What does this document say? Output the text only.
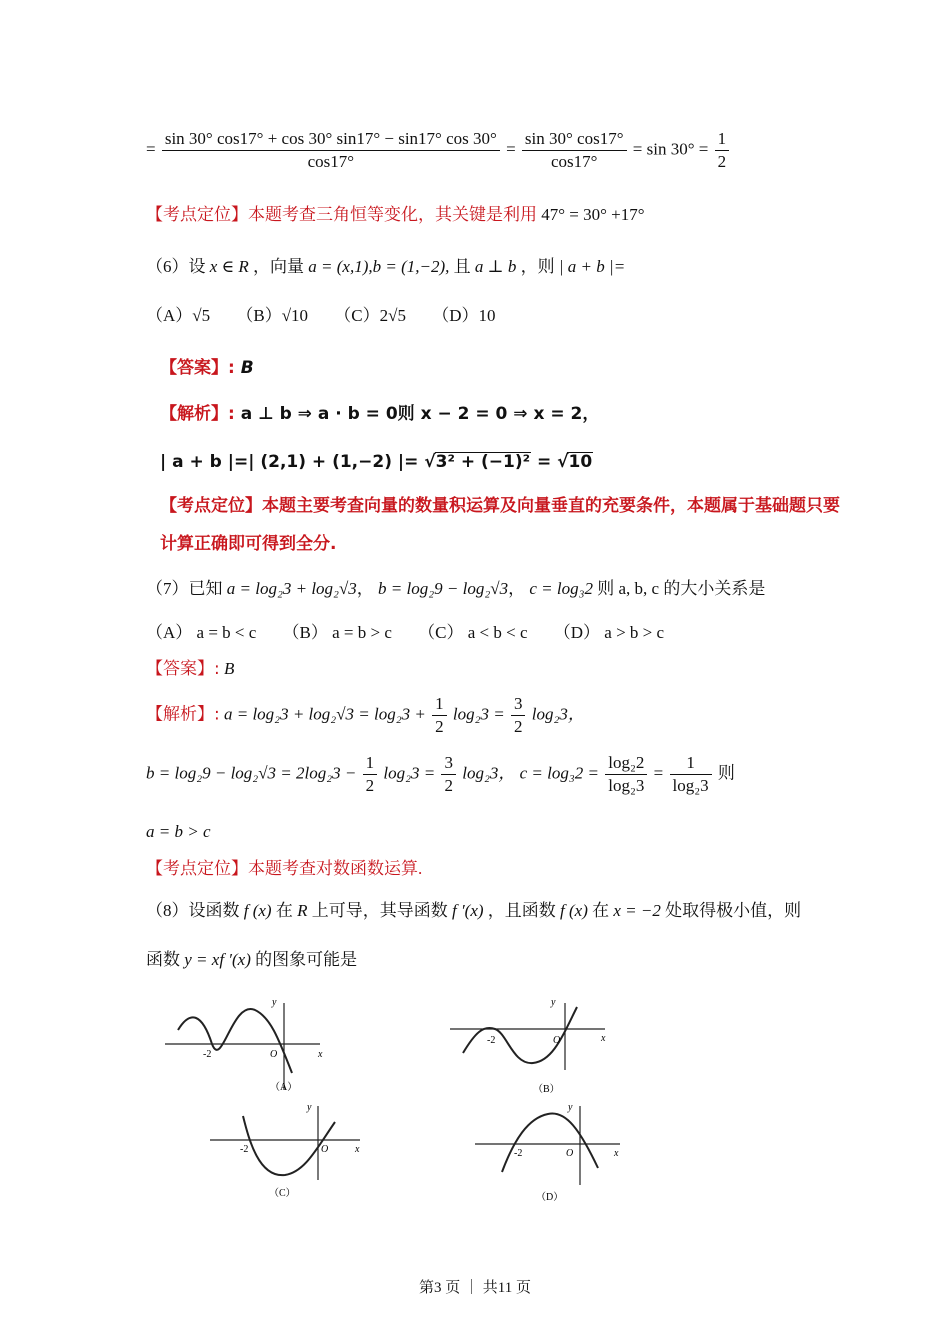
= $\frac{\sin 30^\circ \cos 17^\circ + \cos 30^\circ \sin 17^\circ - \sin 17^\circ \cos 30^\circ}{\cos 17^\circ} = \frac{\sin 30^\circ \cos 17^\circ}{\cos 17^\circ} = \sin 30^\circ = \frac{1}{2}$
【考点定位】本题考查三角恒等变化，其关键是利用 47° = 30° +17°
（6）设 x ∈ R ，向量 a = (x,1),b = (1,−2), 且 a ⊥ b ，则 | a + b |=
（A）√5 （B）√10 （C）2√5 （D）10
【答案】: B
【解析】: a ⊥ b ⇒ a · b = 0则 x − 2 = 0 ⇒ x = 2，
| a + b |=| (2,1) + (1,−2) |= √3² + (−1)² = √10
【考点定位】本题主要考查向量的数量积运算及向量垂直的充要条件，本题属于基础题只要
计算正确即可得到全分.
（7）已知 a = log₂3 + log₂√3， b = log₂9 − log₂√3， c = log₃2 则 a, b, c 的大小关系是
（A） a = b < c （B） a = b > c （C） a < b < c （D） a > b > c
【答案】: B
【解析】: $a = \log_23 + \log_2√3 = \log_23 + \frac{1}{2} \log_23 = \frac{3}{2} \log_23$，
$b = \log_29 - \log_2√3 = 2\log_23 - \frac{1}{2} \log_23 = \frac{3}{2} \log_23$， $c = \log_32 = \frac{\text{log₂2}}{\text{log₂3}} = \frac{1}{\text{log₂3}}$ 则
a = b > c
【考点定位】本题考查对数函数运算.
（8）设函数 f (x) 在 R 上可导，其导函数 f ′(x) ，且函数 f (x) 在 x = −2 处取得极小值，则
函数 y = xf ′(x) 的图象可能是
-2	O	x
y
（A）
-2	O	x
y
（B）
-2	O	x
y
（C）
-2	O	x
y
（D）
第3 页 ｜ 共11 页
